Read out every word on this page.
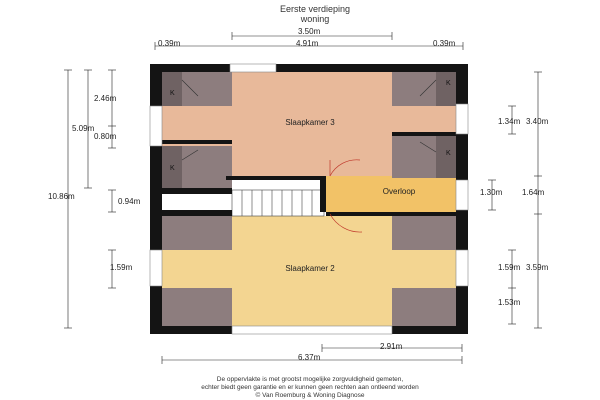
Eerste verdieping
woning
Slaapkamer 3
Overloop
Slaapkamer 2
K
K
K
K
3.50m
0.39m	4.91m	0.39m
10.86m
5.09m
2.46m
0.80m
0.94m
1.59m
1.34m 3.40m
1.30m 1.64m
1.59m 3.59m
1.53m
2.91m
6.37m
De oppervlakte is met grootst mogelijke zorgvuldigheid gemeten,
echter biedt geen garantie en er kunnen geen rechten aan ontleend worden
© Van Roemburg & Woning Diagnose
